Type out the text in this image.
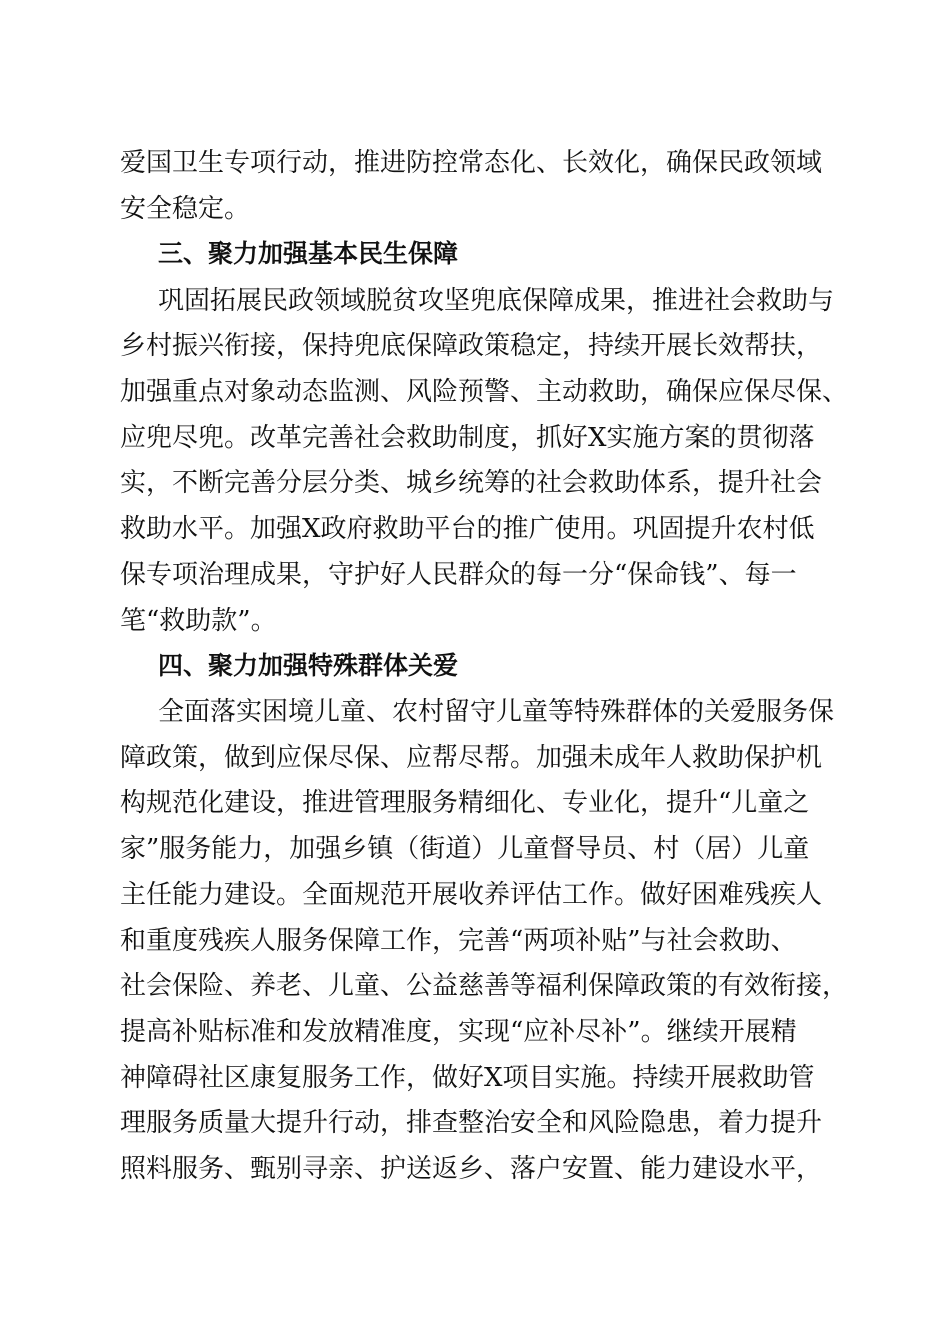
爱国卫生专项行动，推进防控常态化、长效化，确保民政领域
安全稳定。
三、聚力加强基本民生保障
巩固拓展民政领域脱贫攻坚兜底保障成果，推进社会救助与
乡村振兴衔接，保持兜底保障政策稳定，持续开展长效帮扶，
加强重点对象动态监测、风险预警、主动救助，确保应保尽保、
应兜尽兜。改革完善社会救助制度，抓好X实施方案的贯彻落
实，不断完善分层分类、城乡统筹的社会救助体系，提升社会
救助水平。加强X政府救助平台的推广使用。巩固提升农村低
保专项治理成果，守护好人民群众的每一分“保命钱”、每一
笔“救助款”。
四、聚力加强特殊群体关爱
全面落实困境儿童、农村留守儿童等特殊群体的关爱服务保
障政策，做到应保尽保、应帮尽帮。加强未成年人救助保护机
构规范化建设，推进管理服务精细化、专业化，提升“儿童之
家”服务能力，加强乡镇（街道）儿童督导员、村（居）儿童
主任能力建设。全面规范开展收养评估工作。做好困难残疾人
和重度残疾人服务保障工作，完善“两项补贴”与社会救助、
社会保险、养老、儿童、公益慈善等福利保障政策的有效衔接，
提高补贴标准和发放精准度，实现“应补尽补”。继续开展精
神障碍社区康复服务工作，做好X项目实施。持续开展救助管
理服务质量大提升行动，排查整治安全和风险隐患，着力提升
照料服务、甄别寻亲、护送返乡、落户安置、能力建设水平，
